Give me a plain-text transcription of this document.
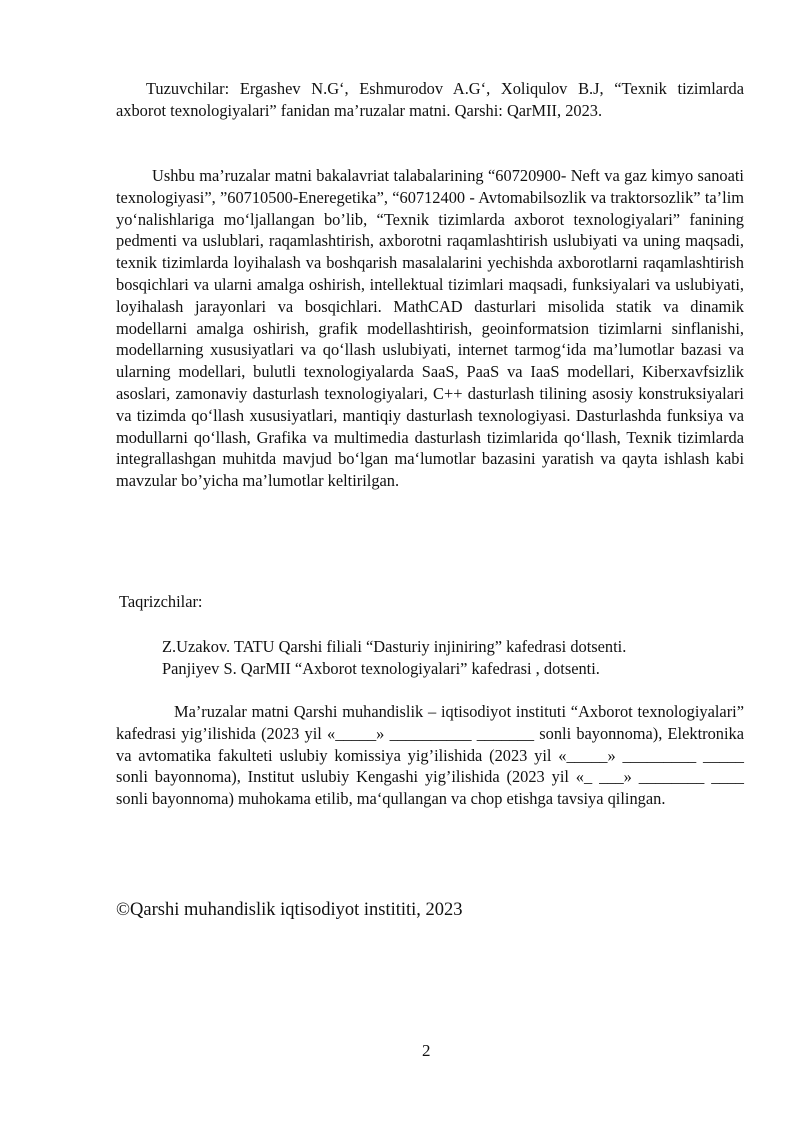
Tuzuvchilar: Ergashev N.G‘, Eshmurodov A.G‘, Xoliqulov B.J, “Texnik tizimlarda axborot texnologiyalari” fanidan ma’ruzalar matni. Qarshi: QarMII, 2023.

Ushbu ma’ruzalar matni bakalavriat talabalarining “60720900- Neft va gaz kimyo sanoati texnologiyasi”, ”60710500-Eneregetika”, “60712400 - Avtomabilsozlik va traktorsozlik” ta’lim yo‘nalishlariga mo‘ljallangan bo’lib, “Texnik tizimlarda axborot texnologiyalari” fanining pedmenti va uslublari, raqamlashtirish, axborotni raqamlashtirish uslubiyati va uning maqsadi, texnik tizimlarda loyihalash va boshqarish masalalarini yechishda axborotlarni raqamlashtirish bosqichlari va ularni amalga oshirish, intellektual tizimlari maqsadi, funksiyalari va uslubiyati, loyihalash jarayonlari va bosqichlari. MathCAD dasturlari misolida statik va dinamik modellarni amalga oshirish, grafik modellashtirish, geoinformatsion tizimlarni sinflanishi, modellarning xususiyatlari va qo‘llash uslubiyati, internet tarmog‘ida ma’lumotlar bazasi va ularning modellari, bulutli texnologiyalarda SaaS, PaaS va IaaS modellari, Kiberxavfsizlik asoslari, zamonaviy dasturlash texnologiyalari, C++ dasturlash tilining asosiy konstruksiyalari va tizimda qo‘llash xususiyatlari, mantiqiy dasturlash texnologiyasi. Dasturlashda funksiya va modullarni qo‘llash, Grafika va multimedia dasturlash tizimlarida qo‘llash, Texnik tizimlarda integrallashgan muhitda mavjud bo‘lgan ma‘lumotlar bazasini yaratish va qayta ishlash kabi mavzular bo’yicha ma’lumotlar keltirilgan.

Taqrizchilar:

Z.Uzakov. TATU Qarshi filiali “Dasturiy injiniring” kafedrasi dotsenti.

Panjiyev S. QarMII “Axborot texnologiyalari” kafedrasi , dotsenti.

Ma’ruzalar matni Qarshi muhandislik – iqtisodiyot instituti “Axborot texnologiyalari” kafedrasi yig’ilishida (2023 yil «_____» __________ _______ sonli bayonnoma), Elektronika va avtomatika fakulteti uslubiy komissiya yig’ilishida (2023 yil «_____» _________ _____ sonli bayonnoma), Institut uslubiy Kengashi yig’ilishida (2023 yil «_ ___» ________ ____ sonli bayonnoma) muhokama etilib, ma‘qullangan va chop etishga tavsiya qilingan.

©Qarshi muhandislik iqtisodiyot instititi, 2023

2
